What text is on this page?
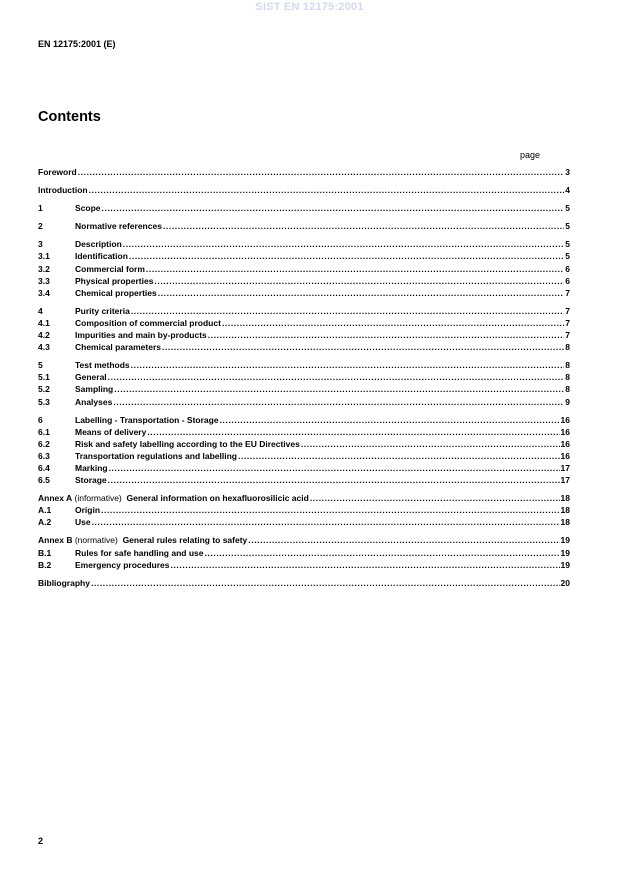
SIST EN 12175:2001
EN 12175:2001 (E)
Contents
page
Foreword .....	3
Introduction .....	4
1	Scope .....	5
2	Normative references .....	5
3	Description .....	5
3.1	Identification .....	5
3.2	Commercial form .....	6
3.3	Physical properties .....	6
3.4	Chemical properties .....	7
4	Purity criteria .....	7
4.1	Composition of commercial product .....	7
4.2	Impurities and main by-products .....	7
4.3	Chemical parameters .....	8
5	Test methods .....	8
5.1	General .....	8
5.2	Sampling .....	8
5.3	Analyses .....	9
6	Labelling - Transportation - Storage .....	16
6.1	Means of delivery .....	16
6.2	Risk and safety labelling according to the EU Directives .....	16
6.3	Transportation regulations and labelling .....	16
6.4	Marking .....	17
6.5	Storage .....	17
Annex A (informative)  General information on hexafluorosilicic acid .....	18
A.1	Origin .....	18
A.2	Use .....	18
Annex B (normative)  General rules relating to safety .....	19
B.1	Rules for safe handling and use .....	19
B.2	Emergency procedures .....	19
Bibliography .....	20
2
